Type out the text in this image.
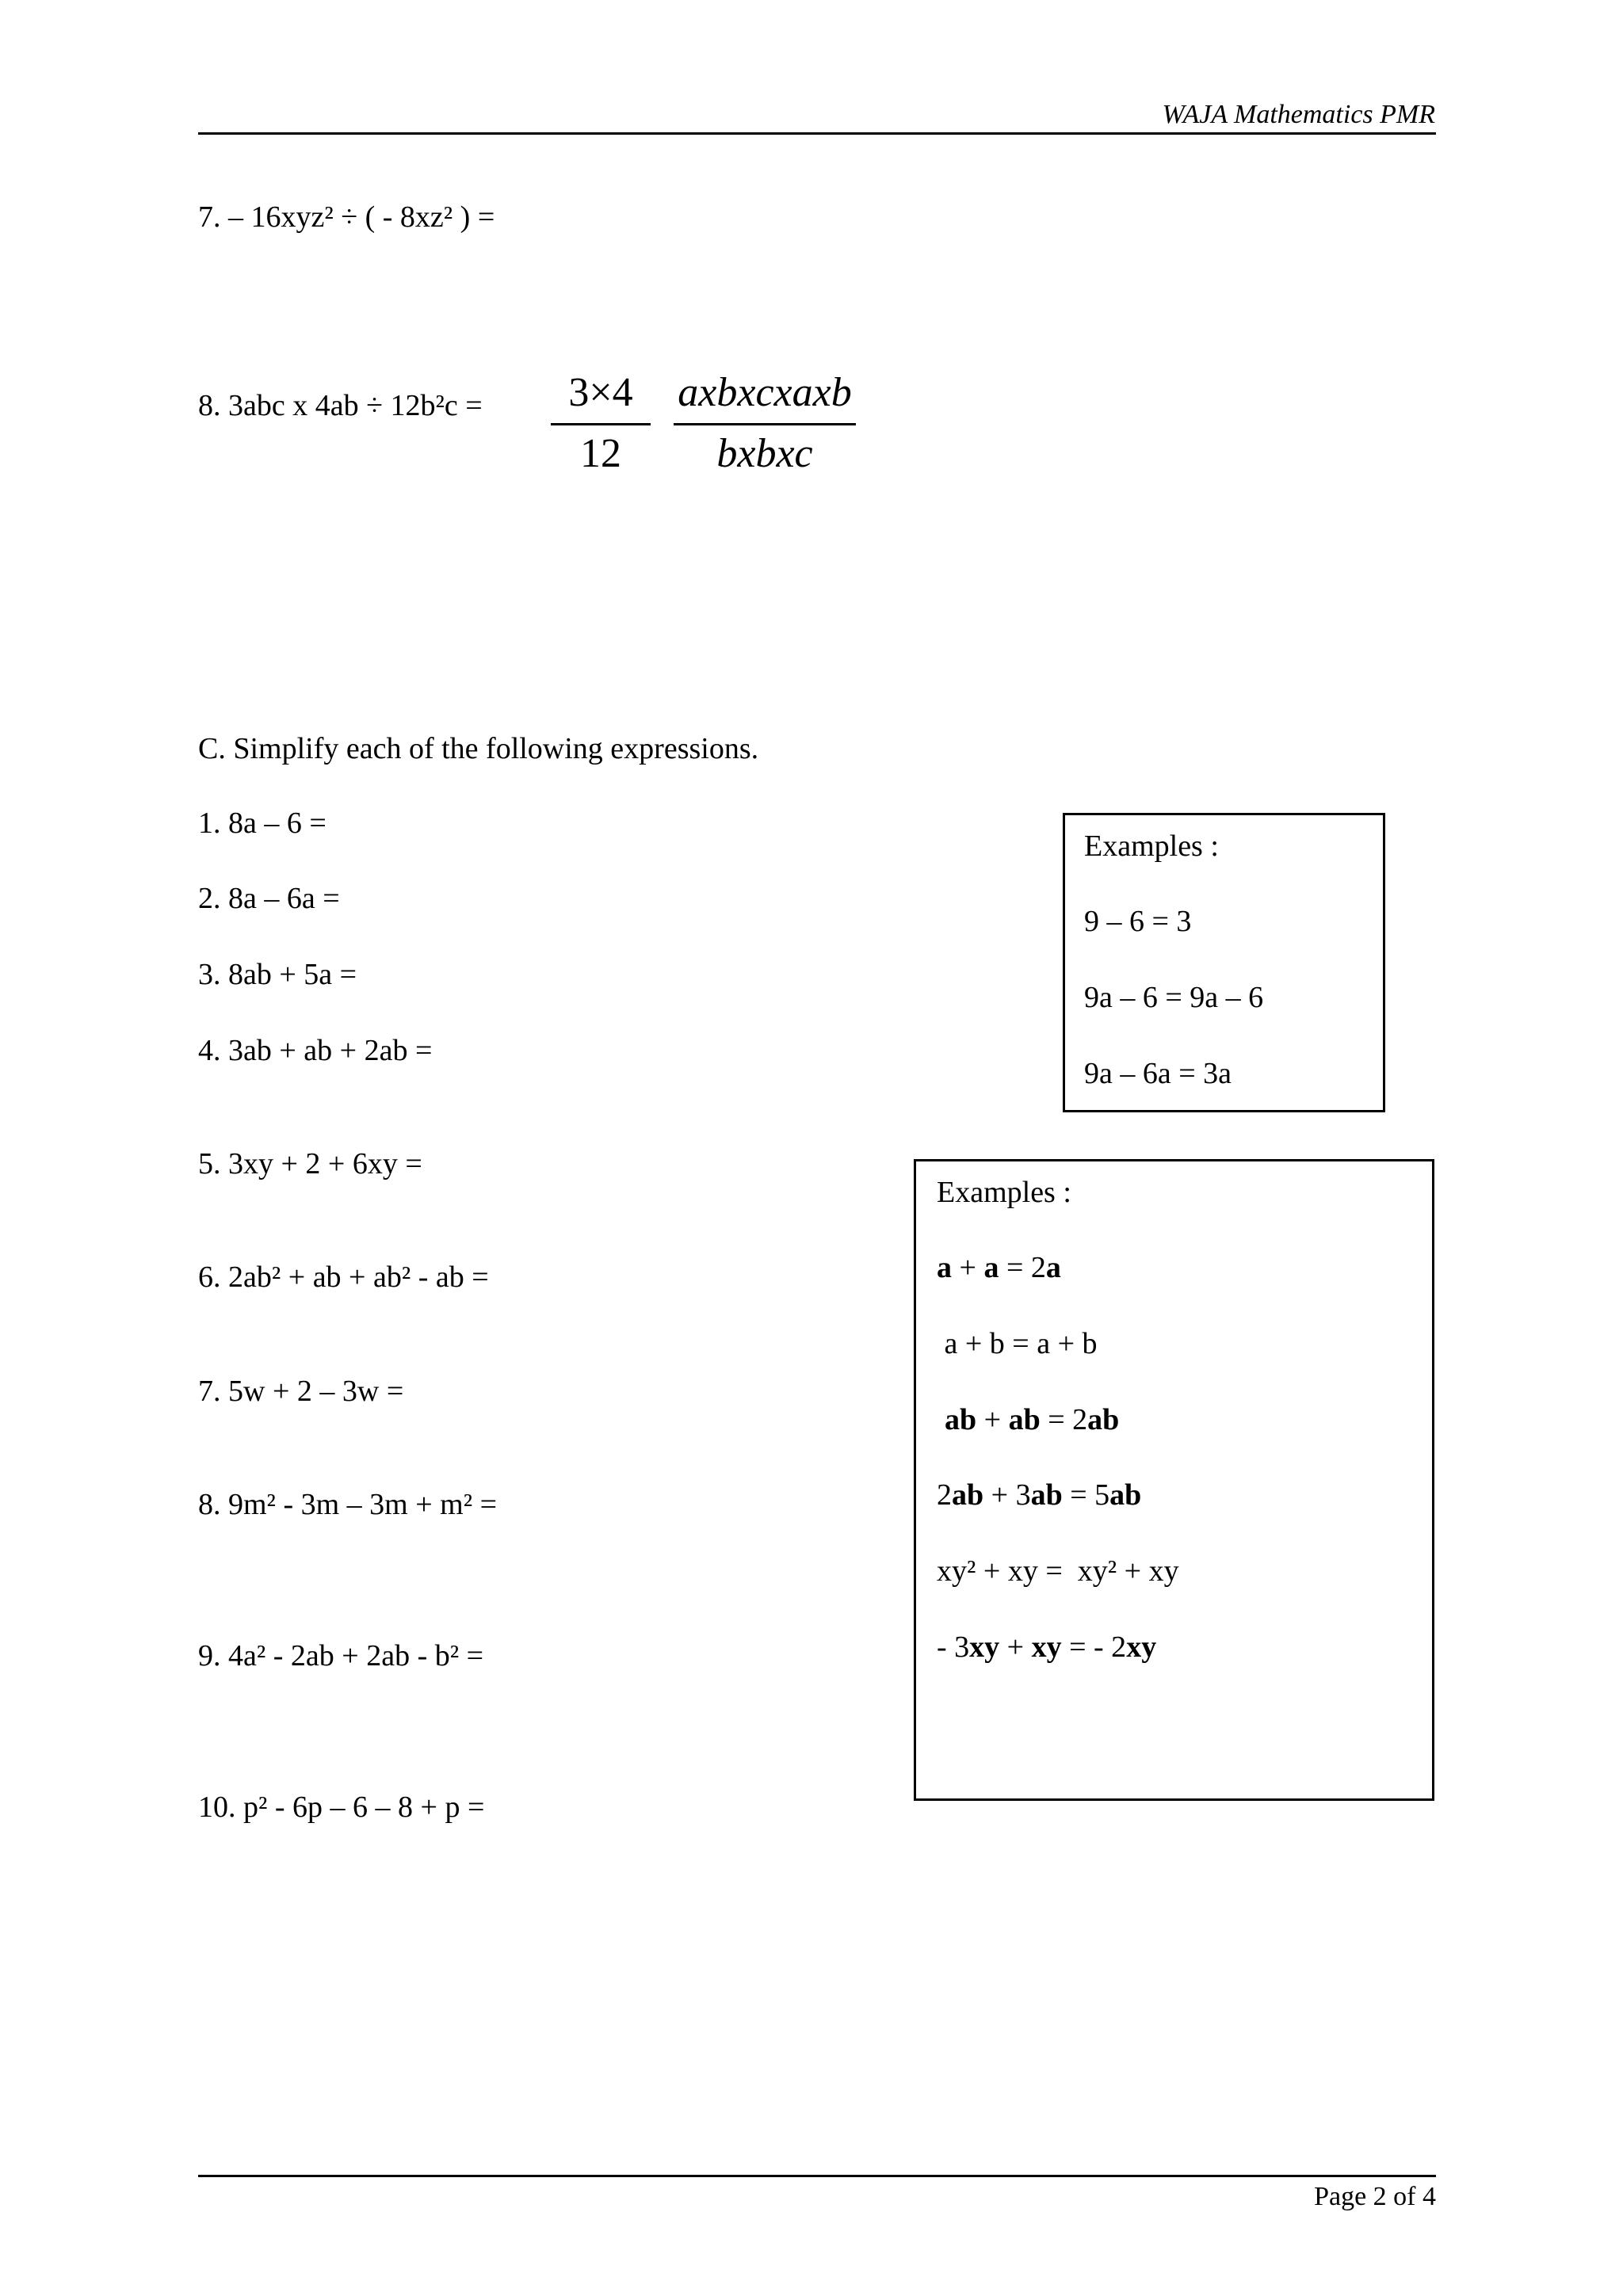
WAJA Mathematics PMR
7. – 16xyz² ÷ ( - 8xz² ) =
8. 3abc x 4ab ÷ 12b²c =	3×4
12
axbxcxaxb
bxbxc
C. Simplify each of the following expressions.
1. 8a – 6 =
2. 8a – 6a =
3. 8ab + 5a =
4. 3ab + ab + 2ab =
5. 3xy + 2 + 6xy =
6. 2ab² + ab + ab² - ab =
7. 5w + 2 – 3w =
8. 9m² - 3m – 3m + m² =
9. 4a² - 2ab + 2ab - b² =
10. p² - 6p – 6 – 8 + p =
Examples :
9 – 6 = 3
9a – 6 = 9a – 6
9a – 6a = 3a
Examples :
a + a = 2a
a + b = a + b
ab + ab = 2ab
2ab + 3ab = 5ab
xy² + xy =  xy² + xy
- 3xy + xy = - 2xy
Page 2 of 4
